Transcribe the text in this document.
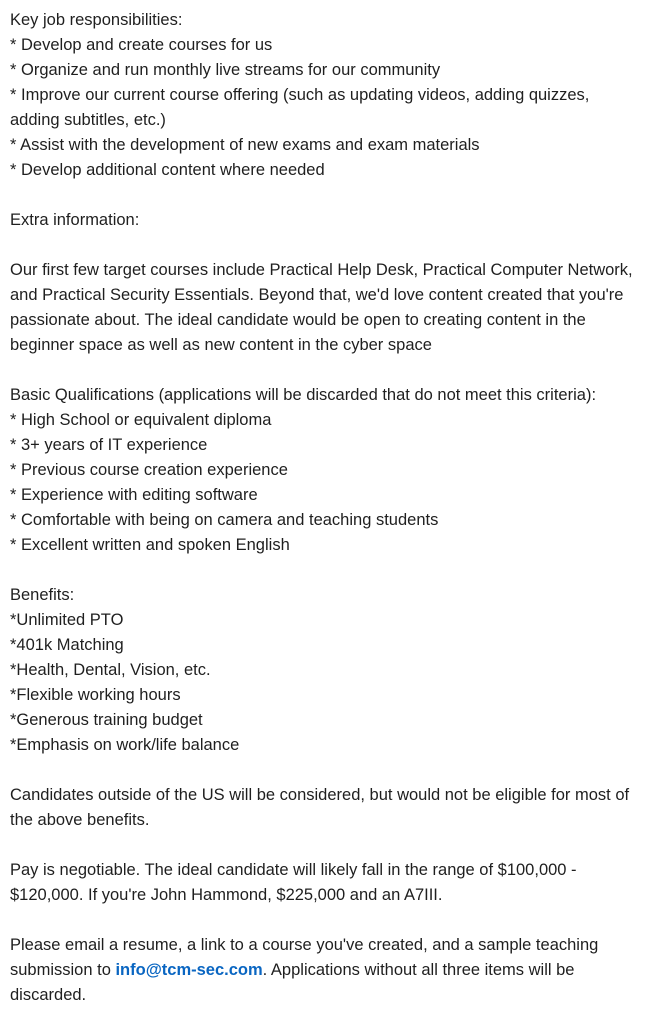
Key job responsibilities:
* Develop and create courses for us
* Organize and run monthly live streams for our community
* Improve our current course offering (such as updating videos, adding quizzes, adding subtitles, etc.)
* Assist with the development of new exams and exam materials
* Develop additional content where needed
Extra information:
Our first few target courses include Practical Help Desk, Practical Computer Network, and Practical Security Essentials. Beyond that, we'd love content created that you're passionate about. The ideal candidate would be open to creating content in the beginner space as well as new content in the cyber space
Basic Qualifications (applications will be discarded that do not meet this criteria):
* High School or equivalent diploma
* 3+ years of IT experience
* Previous course creation experience
* Experience with editing software
* Comfortable with being on camera and teaching students
* Excellent written and spoken English
Benefits:
*Unlimited PTO
*401k Matching
*Health, Dental, Vision, etc.
*Flexible working hours
*Generous training budget
*Emphasis on work/life balance
Candidates outside of the US will be considered, but would not be eligible for most of the above benefits.
Pay is negotiable. The ideal candidate will likely fall in the range of $100,000 - $120,000. If you're John Hammond, $225,000 and an A7III.
Please email a resume, a link to a course you've created, and a sample teaching submission to info@tcm-sec.com. Applications without all three items will be discarded.
